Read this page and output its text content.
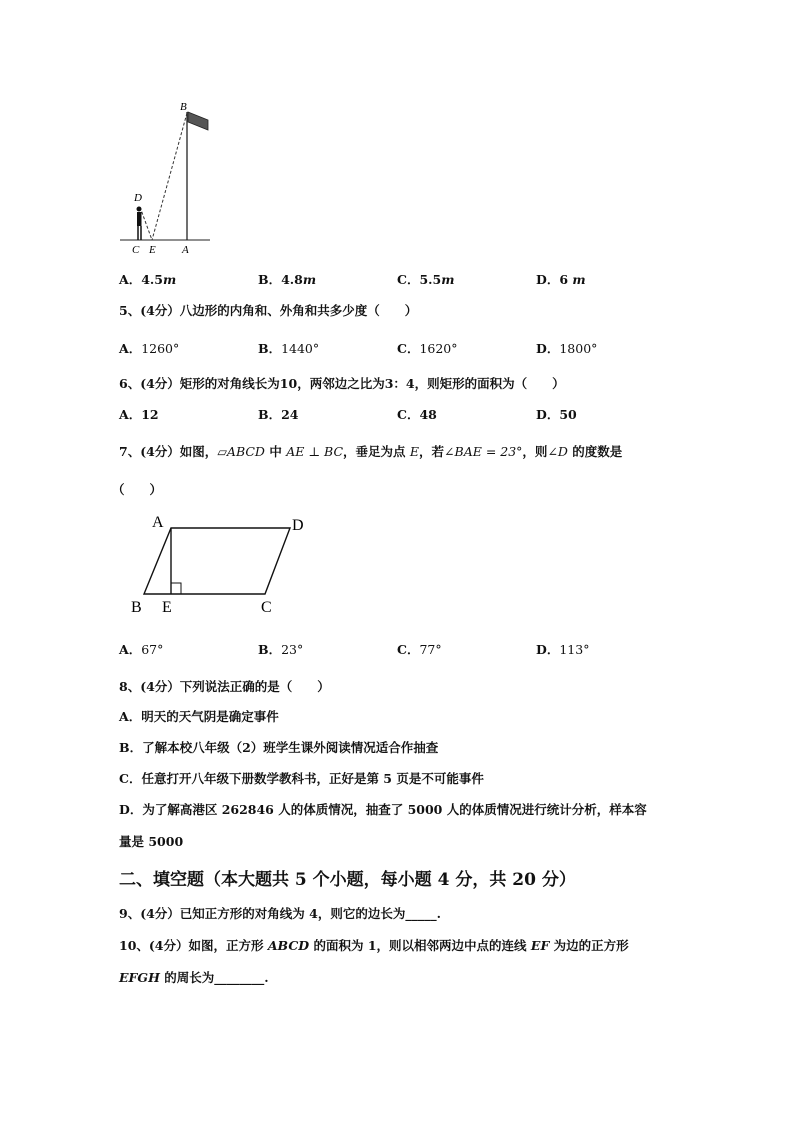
B
D
C E A
A．4.5m	B．4.8m	C．5.5m	D．6 m
5、(4分）八边形的内角和、外角和共多少度（　　）
A．1260°	B．1440°	C．1620°	D．1800°
6、(4分）矩形的对角线长为10，两邻边之比为3：4，则矩形的面积为（　　）
A．12	B．24	C．48	D．50
7、(4分）如图，▱ABCD 中 AE ⊥ BC，垂足为点 E，若∠BAE = 23°，则∠D 的度数是
（　　）
A	D
B E	C
A．67°	B．23°	C．77°	D．113°
8、(4分）下列说法正确的是（　　）
A．明天的天气阴是确定事件
B．了解本校八年级（2）班学生课外阅读情况适合作抽查
C．任意打开八年级下册数学教科书，正好是第 5 页是不可能事件
D．为了解高港区 262846 人的体质情况，抽查了 5000 人的体质情况进行统计分析，样本容
量是 5000
二、填空题（本大题共 5 个小题，每小题 4 分，共 20 分）
9、(4分）已知正方形的对角线为 4，则它的边长为_____.
10、(4分）如图，正方形 ABCD 的面积为 1，则以相邻两边中点的连线 EF 为边的正方形
EFGH 的周长为________.
